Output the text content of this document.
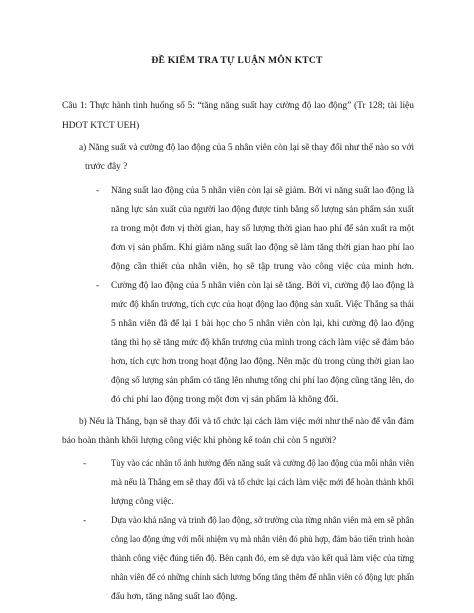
ĐỀ KIỂM TRA TỰ LUẬN MÔN KTCT
Câu 1: Thực hành tình huống số 5: “tăng năng suất hay cường độ lao động” (Tr 128; tài liệu
HDOT KTCT UEH)
a) Năng suất và cường độ lao động của 5 nhân viên còn lại sẽ thay đổi như thế nào so với
trước đây ?
- Năng suất lao động của 5 nhân viên còn lại sẽ giảm. Bởi vì năng suất lao động là
năng lực sản xuất của người lao động được tính bằng số lượng sản phẩm sản xuất
ra trong một đơn vị thời gian, hay số lượng thời gian hao phí để sản xuất ra một
đơn vị sản phẩm. Khi giảm năng suất lao động sẽ làm tăng thời gian hao phí lao
động cần thiết của nhân viên, họ sẽ tập trung vào công việc của mình hơn.
- Cường độ lao động của 5 nhân viên còn lại sẽ tăng. Bởi vì, cường độ lao động là
mức độ khẩn trương, tích cực của hoạt động lao động sản xuất. Việc Thắng sa thải
5 nhân viên đã để lại 1 bài học cho 5 nhân viên còn lại, khi cường độ lao động
tăng thì họ sẽ tăng mức độ khẩn trương của mình trong cách làm việc sẽ đảm bảo
hơn, tích cực hơn trong hoạt động lao động. Nên mặc dù trong cùng thời gian lao
động số lượng sản phẩm có tăng lên nhưng tổng chi phí lao động cũng tăng lên, do
đó chi phí lao động trong một đơn vị sản phẩm là không đổi.
b) Nếu là Thắng, bạn sẽ thay đổi và tổ chức lại cách làm việc mới như thế nào để vẫn đảm
bảo hoàn thành khối lượng công việc khi phòng kế toán chỉ còn 5 người?
-	Tùy vào các nhân tố ảnh hưởng đến năng suất và cường độ lao động của mỗi nhân viên
mà nếu là Thắng em sẽ thay đổi và tổ chức lại cách làm việc mới để hoàn thành khối
lượng công việc.
-	Dựa vào khả năng và trình độ lao động, sở trường của từng nhân viên mà em sẽ phân
công lao động ứng với mỗi nhiệm vụ mà nhân viên đó phù hợp, đảm bảo tiến trình hoàn
thành công việc đúng tiến độ. Bên cạnh đó, em sẽ dựa vào kết quả làm việc của từng
nhân viên để có những chính sách lương bổng tăng thêm để nhân viên có động lực phấn
đấu hơn, tăng năng suất lao động.
